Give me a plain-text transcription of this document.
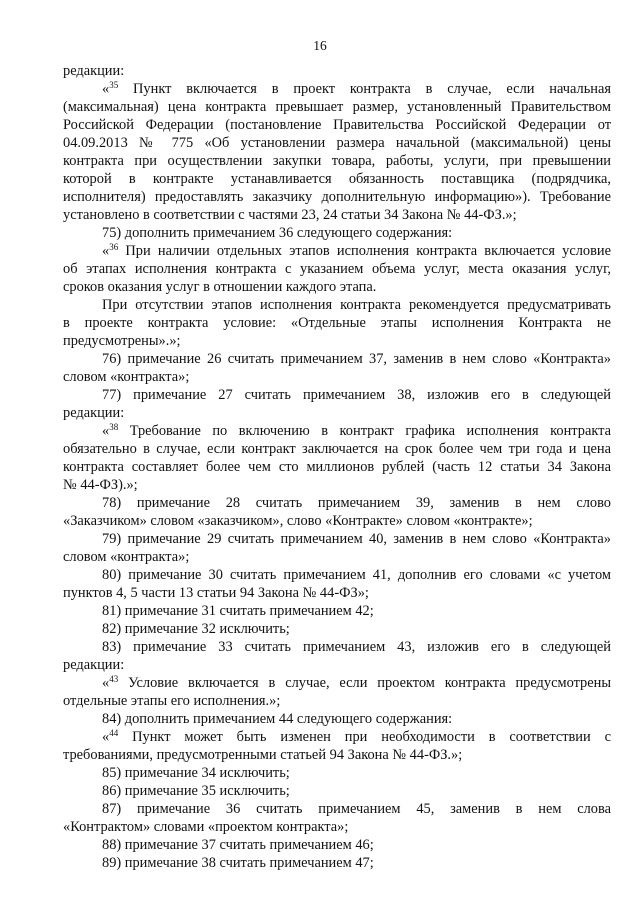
16

редакции:

«$^{35}$ Пункт включается в проект контракта в случае, если начальная

(максимальная) цена контракта превышает размер, установленный Правительством

Российской Федерации (постановление Правительства Российской Федерации от

04.09.2013 № 775 «Об установлении размера начальной (максимальной) цены

контракта при осуществлении закупки товара, работы, услуги, при превышении

которой в контракте устанавливается обязанность поставщика (подрядчика,

исполнителя) предоставлять заказчику дополнительную информацию»). Требование

установлено в соответствии с частями 23, 24 статьи 34 Закона № 44-ФЗ.»;

75) дополнить примечанием 36 следующего содержания:

«$^{36}$ При наличии отдельных этапов исполнения контракта включается условие

об этапах исполнения контракта с указанием объема услуг, места оказания услуг,

сроков оказания услуг в отношении каждого этапа.

При отсутствии этапов исполнения контракта рекомендуется предусматривать

в проекте контракта условие: «Отдельные этапы исполнения Контракта не

предусмотрены».»;

76) примечание 26 считать примечанием 37, заменив в нем слово «Контракта»

словом «контракта»;

77) примечание 27 считать примечанием 38, изложив его в следующей

редакции:

«$^{38}$ Требование по включению в контракт графика исполнения контракта

обязательно в случае, если контракт заключается на срок более чем три года и цена

контракта составляет более чем сто миллионов рублей (часть 12 статьи 34 Закона

№ 44-ФЗ).»;

78) примечание 28 считать примечанием 39, заменив в нем слово

«Заказчиком» словом «заказчиком», слово «Контракте» словом «контракте»;

79) примечание 29 считать примечанием 40, заменив в нем слово «Контракта»

словом «контракта»;

80) примечание 30 считать примечанием 41, дополнив его словами «с учетом

пунктов 4, 5 части 13 статьи 94 Закона № 44-ФЗ»;

81) примечание 31 считать примечанием 42;

82) примечание 32 исключить;

83) примечание 33 считать примечанием 43, изложив его в следующей

редакции:

«$^{43}$ Условие включается в случае, если проектом контракта предусмотрены

отдельные этапы его исполнения.»;

84) дополнить примечанием 44 следующего содержания:

«$^{44}$ Пункт может быть изменен при необходимости в соответствии с

требованиями, предусмотренными статьей 94 Закона № 44-ФЗ.»;

85) примечание 34 исключить;

86) примечание 35 исключить;

87) примечание 36 считать примечанием 45, заменив в нем слова

«Контрактом» словами «проектом контракта»;

88) примечание 37 считать примечанием 46;

89) примечание 38 считать примечанием 47;
